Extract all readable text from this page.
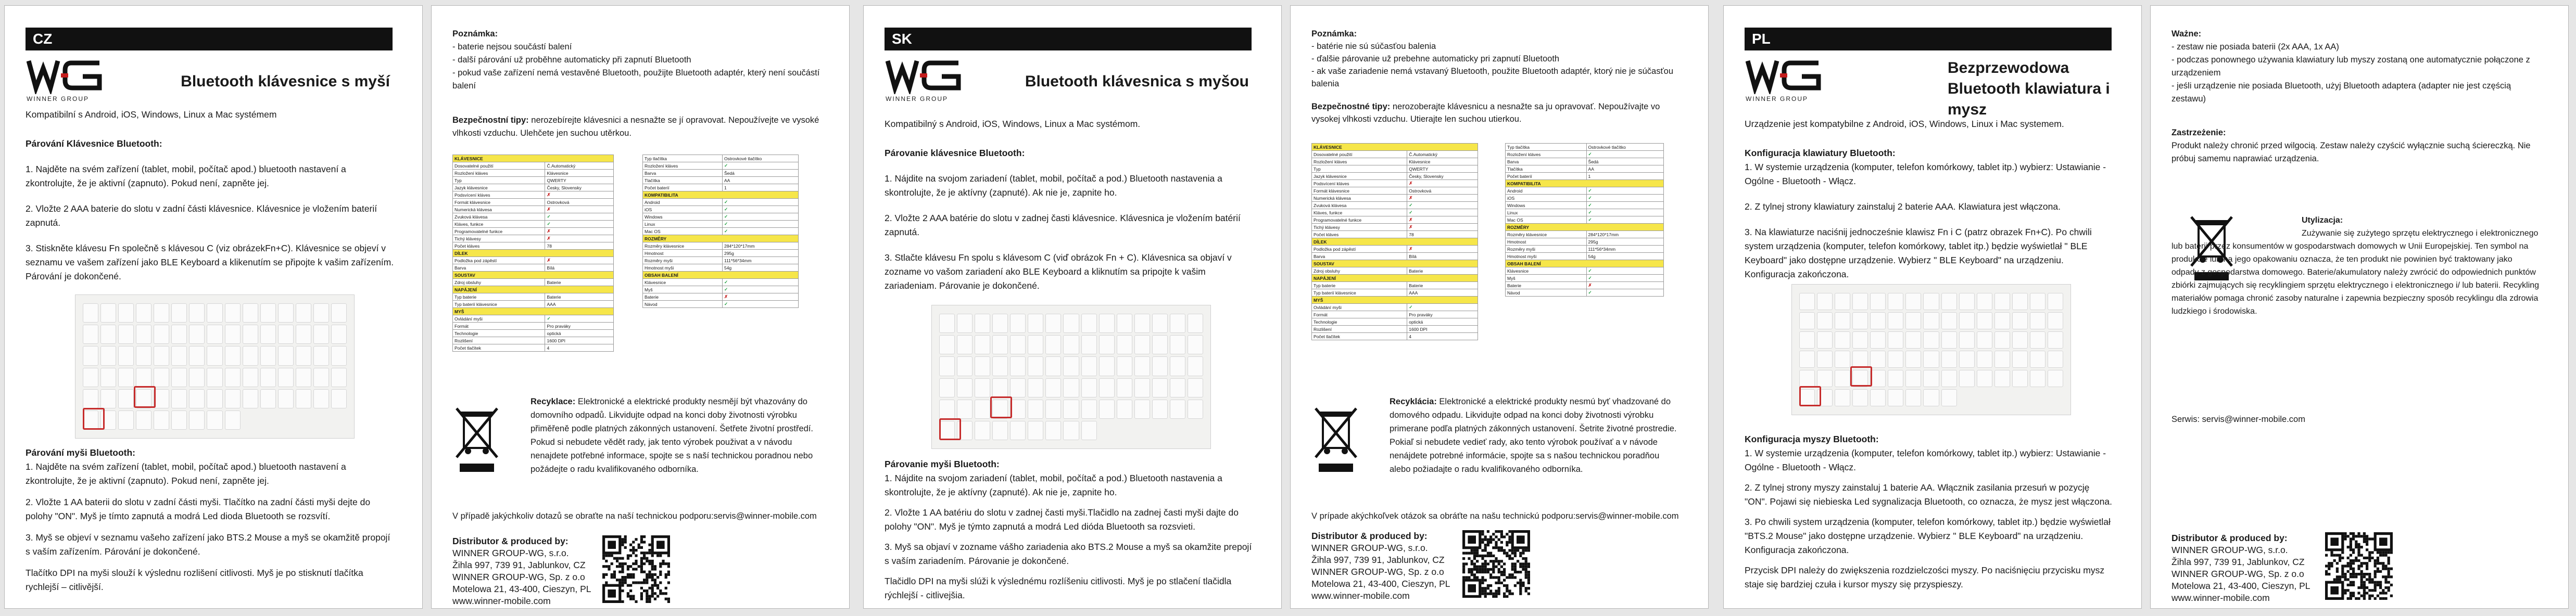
CZ
WINNER GROUP
Bluetooth klávesnice s myší

Kompatibilní s Android, iOS, Windows, Linux a Mac systémem

Párování Klávesnice Bluetooth:

1. Najděte na svém zařízení (tablet, mobil, počítač apod.) bluetooth nastavení a zkontrolujte, že je aktivní (zapnuto). Pokud není, zapněte jej.

2. Vložte 2 AAA baterie do slotu v zadní části klávesnice. Klávesnice je vložením baterií zapnutá.

3. Stiskněte klávesu Fn společně s klávesou C (viz obrázekFn+C). Klávesnice se objeví v seznamu ve vašem zařízení jako BLE Keyboard a klikenutím se připojte k vašim zařízením. Párování je dokončené.

Párování myši Bluetooth:

1. Najděte na svém zařízení (tablet, mobil, počítač apod.) bluetooth nastavení a zkontrolujte, že je aktivní (zapnuto). Pokud není, zapněte jej.

2. Vložte 1 AA baterii do slotu v zadní části myši. Tlačítko na zadní části myši dejte do polohy "ON". Myš je tímto zapnutá a modrá Led dioda Bluetooth se rozsvítí.

3. Myš se objeví v seznamu vašeho zařízení jako BTS.2 Mouse a myš se okamžitě propojí s vaším zařízením. Párování je dokončené.

Tlačítko DPI na myši slouží k výslednu rozlišení citlivosti. Myš je po stisknutí tlačítka rychlejší – citlivější.

Poznámka:

- baterie nejsou součástí balení
- další párování už proběhne automaticky při zapnutí Bluetooth
- pokud vaše zařízení nemá vestavěné Bluetooth, použijte Bluetooth adaptér, který není součástí balení

Bezpečnostní tipy: nerozebírejte klávesnici a nesnažte se jí opravovat. Nepoužívejte ve vysoké vlhkosti vzduchu. Ulehčete jen suchou utěrkou.

KLÁVESNICE	
Dosovatelné použití	Č.Automatický
Rozložení kláves	Klávesnice
Typ	QWERTY
Jazyk klávesnice	Česky, Slovensky
Podsvícení kláves	✗
Formát klávesnice	Ostrovková
Numerická klávesa	✗
Zvuková klávesa	✓
Kláves, funkce	✓
Programovatelné funkce	✗
Tichý klávesy	✗
Počet kláves	78
DÍLEK	
Podložka pod zápěstí	✗
Barva	Bílá
SOUSTAV	
Zdroj obsluhy	Baterie
NAPÁJENÍ	
Typ baterie	Baterie
Typ baterií klávesnice	AAA
MYŠ	
Ovládání myši	✓
Formát	Pro praváky
Technologie	optická
Rozlišení	1600 DPI
Počet tlačítek	4
Typ tlačítka	Ostrovkové tlačítko
Rozložení kláves	✓
Barva	Šedá
Tlačítka	AA
Počet baterií	1
KOMPATIBILITA	
Android	✓
iOS	✓
Windows	✓
Linux	✓
Mac OS	✓
ROZMĚRY	
Rozměry klávesnice	284*120*17mm
Hmotnost	295g
Rozměry myši	111*56*34mm
Hmotnost myši	54g
OBSAH BALENÍ	
Klávesnice	✓
Myš	✓
Baterie	✗
Návod	✓

Recyklace: Elektronické a elektrické produkty nesmějí být vhazovány do domovního odpadů. Likvidujte odpad na konci doby životnosti výrobku přiměřeně podle platných zákonných ustanovení. Šetřete životní prostředí. Pokud si nebudete vědět rady, jak tento výrobek použivat a v návodu nenajdete potřebné informace, spojte se s naší technickou poradnou nebo požádejte o radu kvalifikovaného odborníka.

V případě jakýchkoliv dotazů se obraťte na naší technickou podporu:servis@winner-mobile.com
Distributor & produced by:
WINNER GROUP-WG, s.r.o.
Žihla 997, 739 91, Jablunkov, CZ
WINNER GROUP-WG, Sp. z o.o
Motelowa 21, 43-400, Cieszyn, PL
www.winner-mobile.com
SK
WINNER GROUP
Bluetooth klávesnica s myšou

Kompatibilný s Android, iOS, Windows, Linux a Mac systémom.

Párovanie klávesnice Bluetooth:

1. Nájdite na svojom zariadení (tablet, mobil, počítač a pod.) Bluetooth nastavenia a skontrolujte, že je aktívny (zapnuté). Ak nie je, zapnite ho.

2. Vložte 2 AAA batérie do slotu v zadnej časti klávesnice. Klávesnica je vložením batérií zapnutá.

3. Stlačte klávesu Fn spolu s klávesom C (viď obrázok Fn + C). Klávesnica sa objaví v zozname vo vašom zariadení ako BLE Keyboard a kliknutím sa pripojte k vašim zariadeniam. Párovanie je dokončené.

Párovanie myši Bluetooth:

1. Nájdite na svojom zariadení (tablet, mobil, počítač a pod.) Bluetooth nastavenia a skontrolujte, že je aktívny (zapnuté). Ak nie je, zapnite ho.

2. Vložte 1 AA batériu do slotu v zadnej časti myši.Tlačidlo na zadnej časti myši dajte do polohy "ON". Myš je týmto zapnutá a modrá Led dióda Bluetooth sa rozsvieti.

3. Myš sa objaví v zozname vášho zariadenia ako BTS.2 Mouse a myš sa okamžite prepojí s vaším zariadením. Párovanie je dokončené.

Tlačidlo DPI na myši slúži k výslednému rozlíšeniu citlivosti. Myš je po stlačení tlačidla rýchlejší - citlivejšia.

Poznámka:

- batérie nie sú súčasťou balenia
- ďalšie párovanie už prebehne automaticky pri zapnutí Bluetooth
- ak vaše zariadenie nemá vstavaný Bluetooth, použite Bluetooth adaptér, ktorý nie je súčasťou balenia

Bezpečnostné tipy: nerozoberajte klávesnicu a nesnažte sa ju opravovať. Nepoužívajte vo vysokej vlhkosti vzduchu. Utierajte len suchou utierkou.

KLÁVESNICE	
Dosovatelné použití	Č.Automatický
Rozložení kláves	Klávesnice
Typ	QWERTY
Jazyk klávesnice	Česky, Slovensky
Podsvícení kláves	✗
Formát klávesnice	Ostrovková
Numerická klávesa	✗
Zvuková klávesa	✓
Kláves, funkce	✓
Programovatelné funkce	✗
Tichý klávesy	✗
Počet kláves	78
DÍLEK	
Podložka pod zápěstí	✗
Barva	Bílá
SOUSTAV	
Zdroj obsluhy	Baterie
NAPÁJENÍ	
Typ baterie	Baterie
Typ baterií klávesnice	AAA
MYŠ	
Ovládání myši	✓
Formát	Pro praváky
Technologie	optická
Rozlišení	1600 DPI
Počet tlačítek	4
Typ tlačítka	Ostrovkové tlačítko
Rozložení kláves	✓
Barva	Šedá
Tlačítka	AA
Počet baterií	1
KOMPATIBILITA	
Android	✓
iOS	✓
Windows	✓
Linux	✓
Mac OS	✓
ROZMĚRY	
Rozměry klávesnice	284*120*17mm
Hmotnost	295g
Rozměry myši	111*56*34mm
Hmotnost myši	54g
OBSAH BALENÍ	
Klávesnice	✓
Myš	✓
Baterie	✗
Návod	✓

Recyklácia: Elektronické a elektrické produkty nesmú byť vhadzované do domového odpadu. Likvidujte odpad na konci doby životnosti výrobku primerane podľa platných zákonných ustanovení. Šetrite životné prostredie. Pokiaľ si nebudete vedieť rady, ako tento výrobok používať a v návode nenájdete potrebné informácie, spojte sa s našou technickou poradňou alebo požiadajte o radu kvalifikovaného odborníka.

V prípade akýchkoľvek otázok sa obráťte na našu technickú podporu:servis@winner-mobile.com
Distributor & produced by:
WINNER GROUP-WG, s.r.o.
Žihla 997, 739 91, Jablunkov, CZ
WINNER GROUP-WG, Sp. z o.o
Motelowa 21, 43-400, Cieszyn, PL
www.winner-mobile.com
PL
WINNER GROUP
Bezprzewodowa Bluetooth klawiatura i mysz

Urządzenie jest kompatybilne z Android, iOS, Windows, Linux i Mac systemem.

Konfiguracja klawiatury Bluetooth:

1. W systemie urządzenia (komputer, telefon komórkowy, tablet itp.) wybierz: Ustawianie - Ogólne - Bluetooth - Włącz.

2. Z tylnej strony klawiatury zainstaluj 2 baterie AAA. Klawiatura jest włączona.

3. Na klawiaturze naciśnij jednocześnie klawisz Fn i C (patrz obrazek Fn+C). Po chwili system urządzenia (komputer, telefon komórkowy, tablet itp.) będzie wyświetlał " BLE Keyboard" jako dostępne urządzenie. Wybierz " BLE Keyboard" na urządzeniu. Konfiguracja zakończona.

Konfiguracja myszy Bluetooth:

1. W systemie urządzenia (komputer, telefon komórkowy, tablet itp.) wybierz: Ustawianie - Ogólne - Bluetooth - Włącz.

2. Z tylnej strony myszy zainstaluj 1 baterie AA. Włącznik zasilania przesuń w pozycję "ON". Pojawi się niebieska Led sygnalizacja Bluetooth, co oznacza, że mysz jest włączona.

3. Po chwili system urządzenia (komputer, telefon komórkowy, tablet itp.) będzie wyświetlał "BTS.2 Mouse" jako dostępne urządzenie. Wybierz " BLE Keyboard" na urządzeniu. Konfiguracja zakończona.

Przycisk DPI należy do zwiększenia rozdzielczości myszy. Po naciśnięciu przycisku mysz staje się bardziej czuła i kursor myszy się przyspieszy.

Ważne:

- zestaw nie posiada baterii (2x AAA, 1x AA)
- podczas ponownego używania klawiatury lub myszy zostaną one automatycznie połączone z urządzeniem
- jeśli urządzenie nie posiada Bluetooth, użyj Bluetooth adaptera (adapter nie jest częścią zestawu)

Zastrzeżenie:

Produkt należy chronić przed wilgocią. Zestaw należy czyścić wyłącznie suchą ściereczką. Nie próbuj samemu naprawiać urządzenia.

Utylizacja:

Zużywanie się zużytego sprzętu elektrycznego i elektronicznego lub baterii przez konsumentów w gospodarstwach domowych w Unii Europejskiej. Ten symbol na produkcie lub na jego opakowaniu oznacza, że ten produkt nie powinien być traktowany jako odpady z gospodarstwa domowego. Baterie/akumulatory należy zwrócić do odpowiednich punktów zbiórki zajmujących się recyklingiem sprzętu elektrycznego i elektronicznego i/ lub baterii. Recykling materiałów pomaga chronić zasoby naturalne i zapewnia bezpieczny sposób recyklingu dla zdrowia ludzkiego i środowiska.

Serwis: servis@winner-mobile.com
Distributor & produced by:
WINNER GROUP-WG, s.r.o.
Žihla 997, 739 91, Jablunkov, CZ
WINNER GROUP-WG, Sp. z o.o
Motelowa 21, 43-400, Cieszyn, PL
www.winner-mobile.com
